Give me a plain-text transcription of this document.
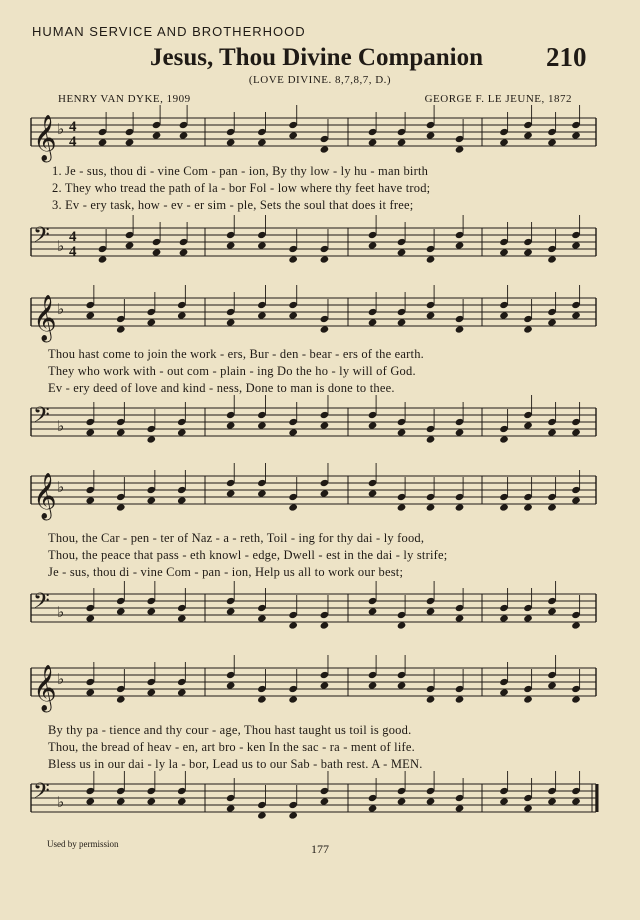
HUMAN SERVICE AND BROTHERHOOD
Jesus, Thou Divine Companion 210
(LOVE DIVINE. 8,7,8,7, D.)
HENRY VAN DYKE, 1909	GEORGE F. LE JEUNE, 1872
𝄞 ♭ 4
4
1. Je - sus, thou di - vine Com - pan - ion, By thy low - ly hu - man birth
2. They who tread the path of la - bor Fol - low where thy feet have trod;
3. Ev - ery task, how - ev - er sim - ple, Sets the soul that does it free;
𝄢 ♭
4
4
𝄞 ♭
Thou hast come to join the work - ers, Bur - den - bear - ers of the earth.
They who work with - out com - plain - ing Do the ho - ly will of God.
Ev - ery deed of love and kind - ness, Done to man is done to thee.
𝄢 ♭
𝄞 ♭
Thou, the Car - pen - ter of Naz - a - reth, Toil - ing for thy dai - ly food,
Thou, the peace that pass - eth knowl - edge, Dwell - est in the dai - ly strife;
Je - sus, thou di - vine Com - pan - ion, Help us all to work our best;
𝄢 ♭
𝄞 ♭
By thy pa - tience and thy cour - age, Thou hast taught us toil is good.
Thou, the bread of heav - en, art bro - ken In the sac - ra - ment of life.
Bless us in our dai - ly la - bor, Lead us to our Sab - bath rest. A - MEN.
𝄢 ♭
Used by permission	177
